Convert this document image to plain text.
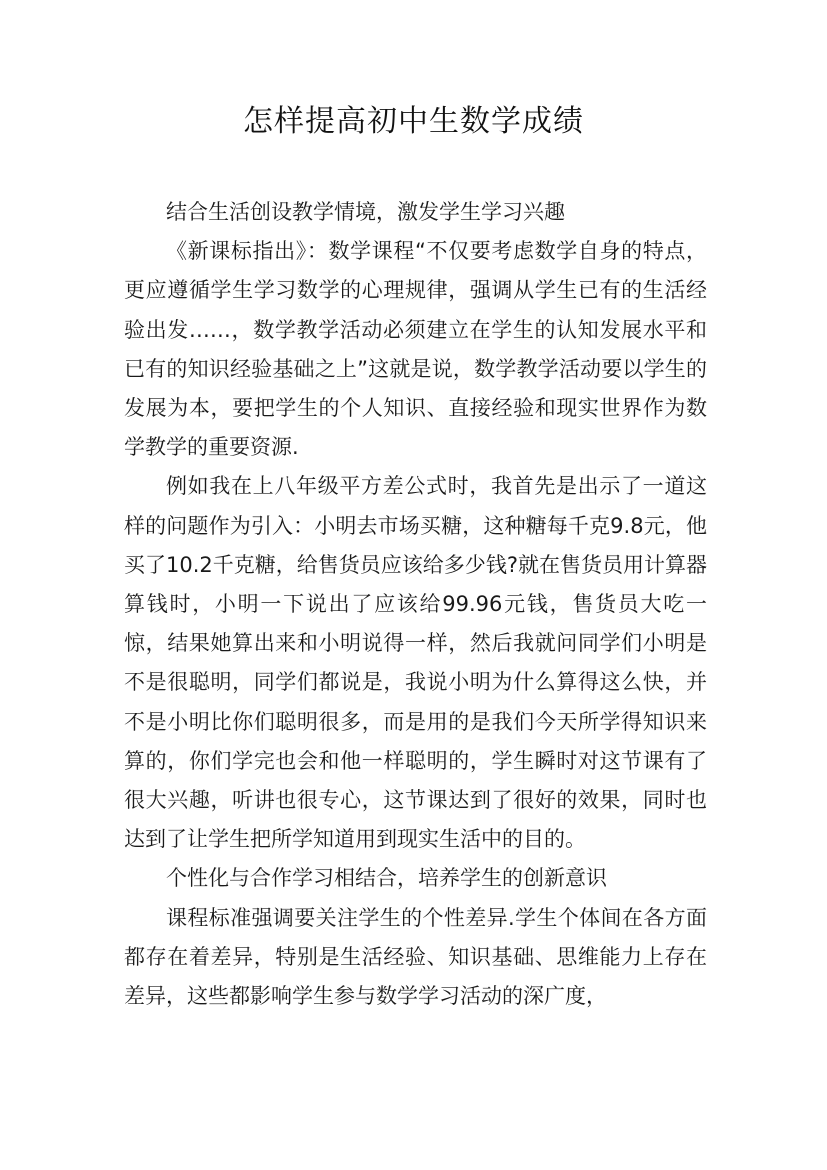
怎样提高初中生数学成绩

结合生活创设教学情境，激发学生学习兴趣

《新课标指出》：数学课程“不仅要考虑数学自身的特点，更应遵循学生学习数学的心理规律，强调从学生已有的生活经验出发……，数学教学活动必须建立在学生的认知发展水平和已有的知识经验基础之上”这就是说，数学教学活动要以学生的发展为本，要把学生的个人知识、直接经验和现实世界作为数学教学的重要资源.

例如我在上八年级平方差公式时，我首先是出示了一道这样的问题作为引入：小明去市场买糖，这种糖每千克9.8元，他买了10.2千克糖，给售货员应该给多少钱?就在售货员用计算器算钱时，小明一下说出了应该给99.96元钱，售货员大吃一惊，结果她算出来和小明说得一样，然后我就问同学们小明是不是很聪明，同学们都说是，我说小明为什么算得这么快，并不是小明比你们聪明很多，而是用的是我们今天所学得知识来算的，你们学完也会和他一样聪明的，学生瞬时对这节课有了很大兴趣，听讲也很专心，这节课达到了很好的效果，同时也达到了让学生把所学知道用到现实生活中的目的。

个性化与合作学习相结合，培养学生的创新意识

课程标准强调要关注学生的个性差异.学生个体间在各方面都存在着差异，特别是生活经验、知识基础、思维能力上存在差异，这些都影响学生参与数学学习活动的深广度，
